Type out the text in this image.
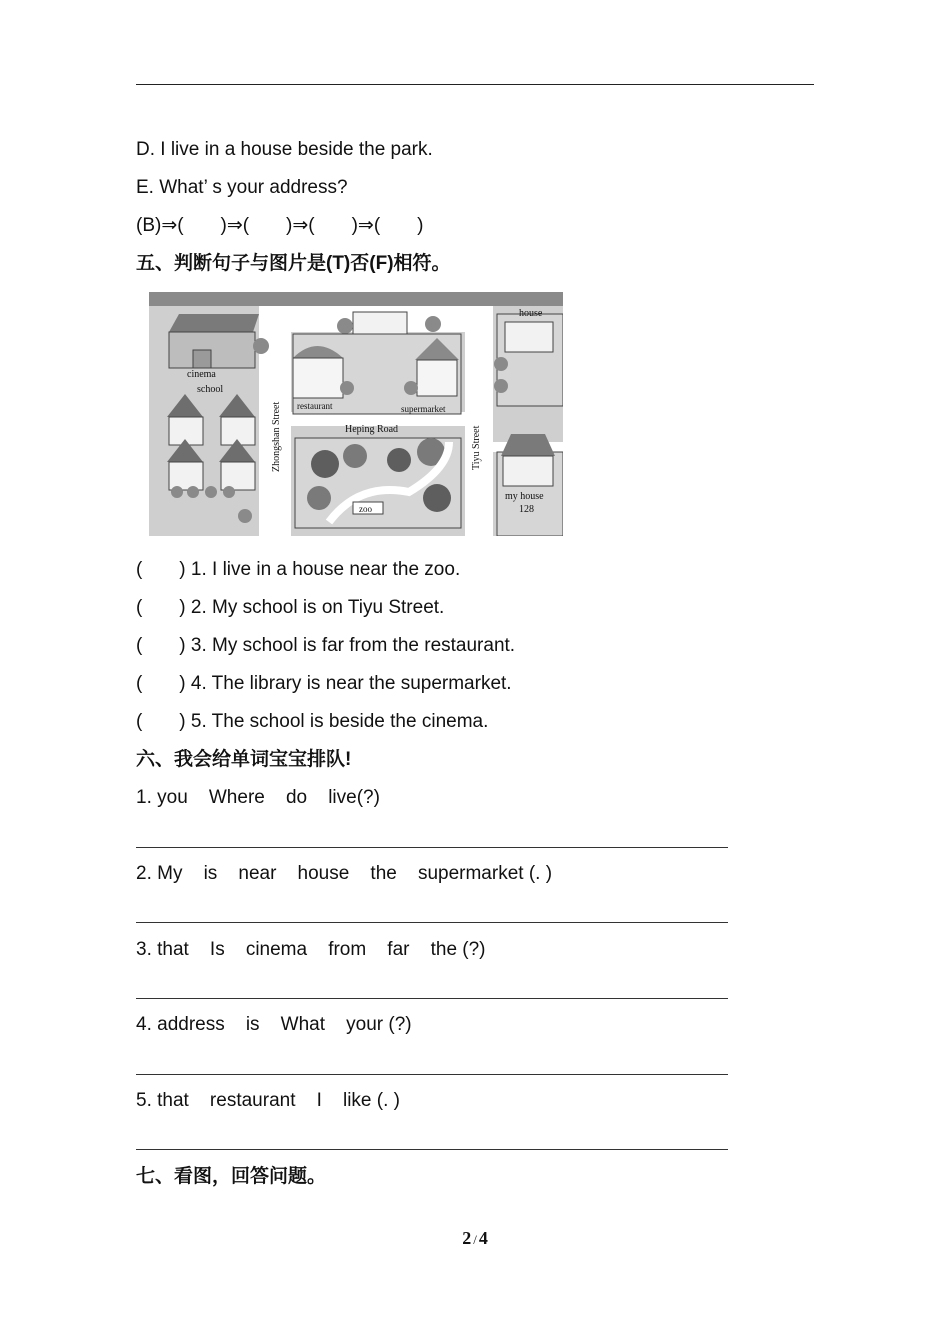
D. I live in a house beside the park.
E. What’ s your address?
(B)⇒(       )⇒(       )⇒(       )⇒(       )
五、判断句子与图片是(T)否(F)相符。
cinema
school
restaurant	supermarket
Zhongshan Street	Heping Road	Tiyu Street
zoo
house
my house
128
(       ) 1. I live in a house near the zoo.
(       ) 2. My school is on Tiyu Street.
(       ) 3. My school is far from the restaurant.
(       ) 4. The library is near the supermarket.
(       ) 5. The school is beside the cinema.
六、我会给单词宝宝排队!
1. you    Where    do    live(?)
2. My    is    near    house    the    supermarket (. )
3. that    Is    cinema    from    far    the (?)
4. address    is    What    your (?)
5. that    restaurant    I    like (. )
七、看图，回答问题。
2 / 4
